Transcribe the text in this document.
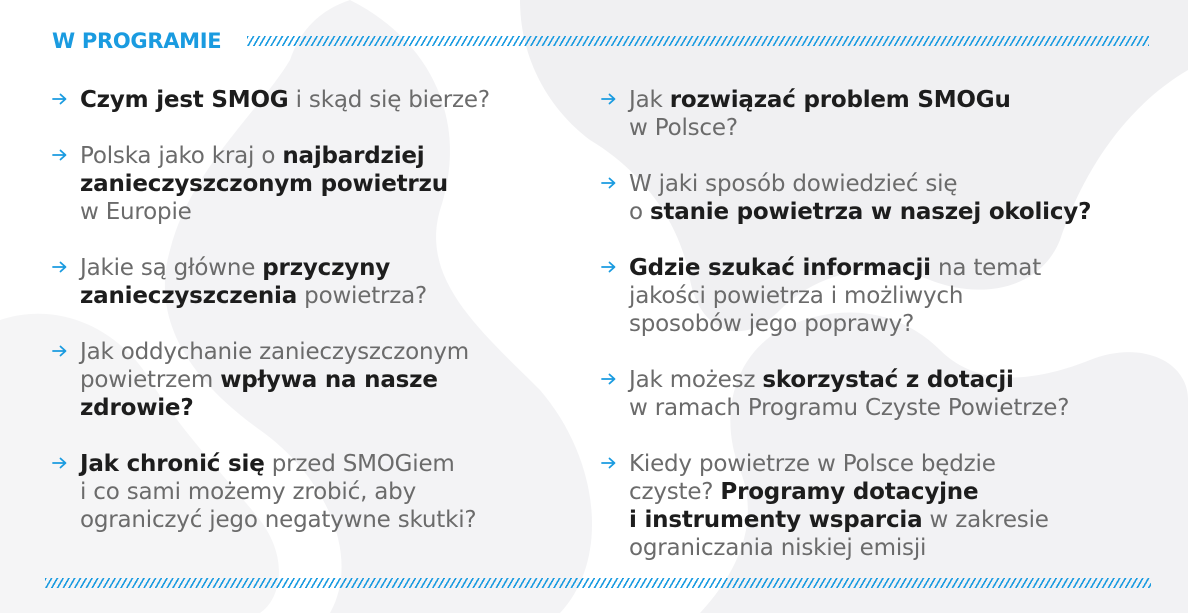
W PROGRAMIE
Czym jest SMOG i skąd się bierze?
Polska jako kraj o najbardziej
zanieczyszczonym powietrzu
w Europie
Jakie są główne przyczyny
zanieczyszczenia powietrza?
Jak oddychanie zanieczyszczonym
powietrzem wpływa na nasze
zdrowie?
Jak chronić się przed SMOGiem
i co sami możemy zrobić, aby
ograniczyć jego negatywne skutki?
Jak rozwiązać problem SMOGu
w Polsce?
W jaki sposób dowiedzieć się
o stanie powietrza w naszej okolicy?
Gdzie szukać informacji na temat
jakości powietrza i możliwych
sposobów jego poprawy?
Jak możesz skorzystać z dotacji
w ramach Programu Czyste Powietrze?
Kiedy powietrze w Polsce będzie
czyste? Programy dotacyjne
i instrumenty wsparcia w zakresie
ograniczania niskiej emisji
